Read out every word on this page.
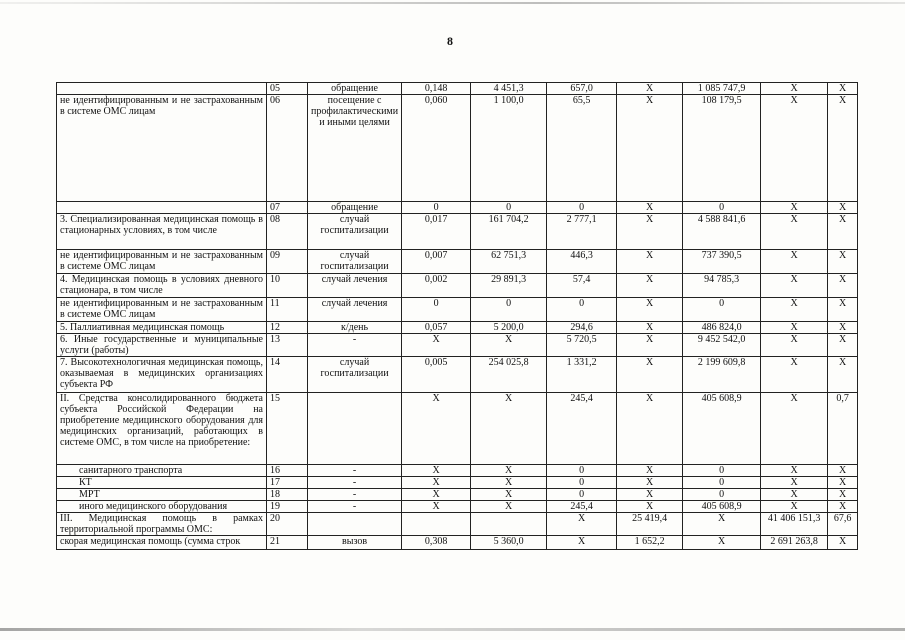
8
	05	обращение	0,148	4 451,3	657,0	Х	1 085 747,9	Х	Х
не идентифицированным и не застрахованным в системе ОМС лицам	06	посещение с профилактическими и иными целями	0,060	1 100,0	65,5	Х	108 179,5	Х	Х
	07	обращение	0	0	0	Х	0	Х	Х
3. Специализированная медицинская помощь в стационарных условиях, в том числе	08	случай госпитализации	0,017	161 704,2	2 777,1	Х	4 588 841,6	Х	Х
не идентифицированным и не застрахованным в системе ОМС лицам	09	случай госпитализации	0,007	62 751,3	446,3	Х	737 390,5	Х	Х
4. Медицинская помощь в условиях дневного стационара, в том числе	10	случай лечения	0,002	29 891,3	57,4	Х	94 785,3	Х	Х
не идентифицированным и не застрахованным в системе ОМС лицам	11	случай лечения	0	0	0	Х	0	Х	Х
5. Паллиативная медицинская помощь	12	к/день	0,057	5 200,0	294,6	Х	486 824,0	Х	Х
6. Иные государственные и муниципальные услуги (работы)	13	-	Х	Х	5 720,5	Х	9 452 542,0	Х	Х
7. Высокотехнологичная медицинская помощь, оказываемая в медицинских организациях субъекта РФ	14	случай госпитализации	0,005	254 025,8	1 331,2	Х	2 199 609,8	Х	Х
II. Средства консолидированного бюджета субъекта Российской Федерации на приобретение медицинского оборудования для медицинских организаций, работающих в системе ОМС, в том числе на приобретение:	15		Х	Х	245,4	Х	405 608,9	Х	0,7
санитарного транспорта	16	-	Х	Х	0	Х	0	Х	Х
КТ	17	-	Х	Х	0	Х	0	Х	Х
МРТ	18	-	Х	Х	0	Х	0	Х	Х
иного медицинского оборудования	19	-	Х	Х	245,4	Х	405 608,9	Х	Х
III. Медицинская помощь в рамках территориальной программы ОМС:	20				Х	25 419,4	Х	41 406 151,3	67,6
скорая медицинская помощь (сумма строк	21	вызов	0,308	5 360,0	Х	1 652,2	Х	2 691 263,8	Х
